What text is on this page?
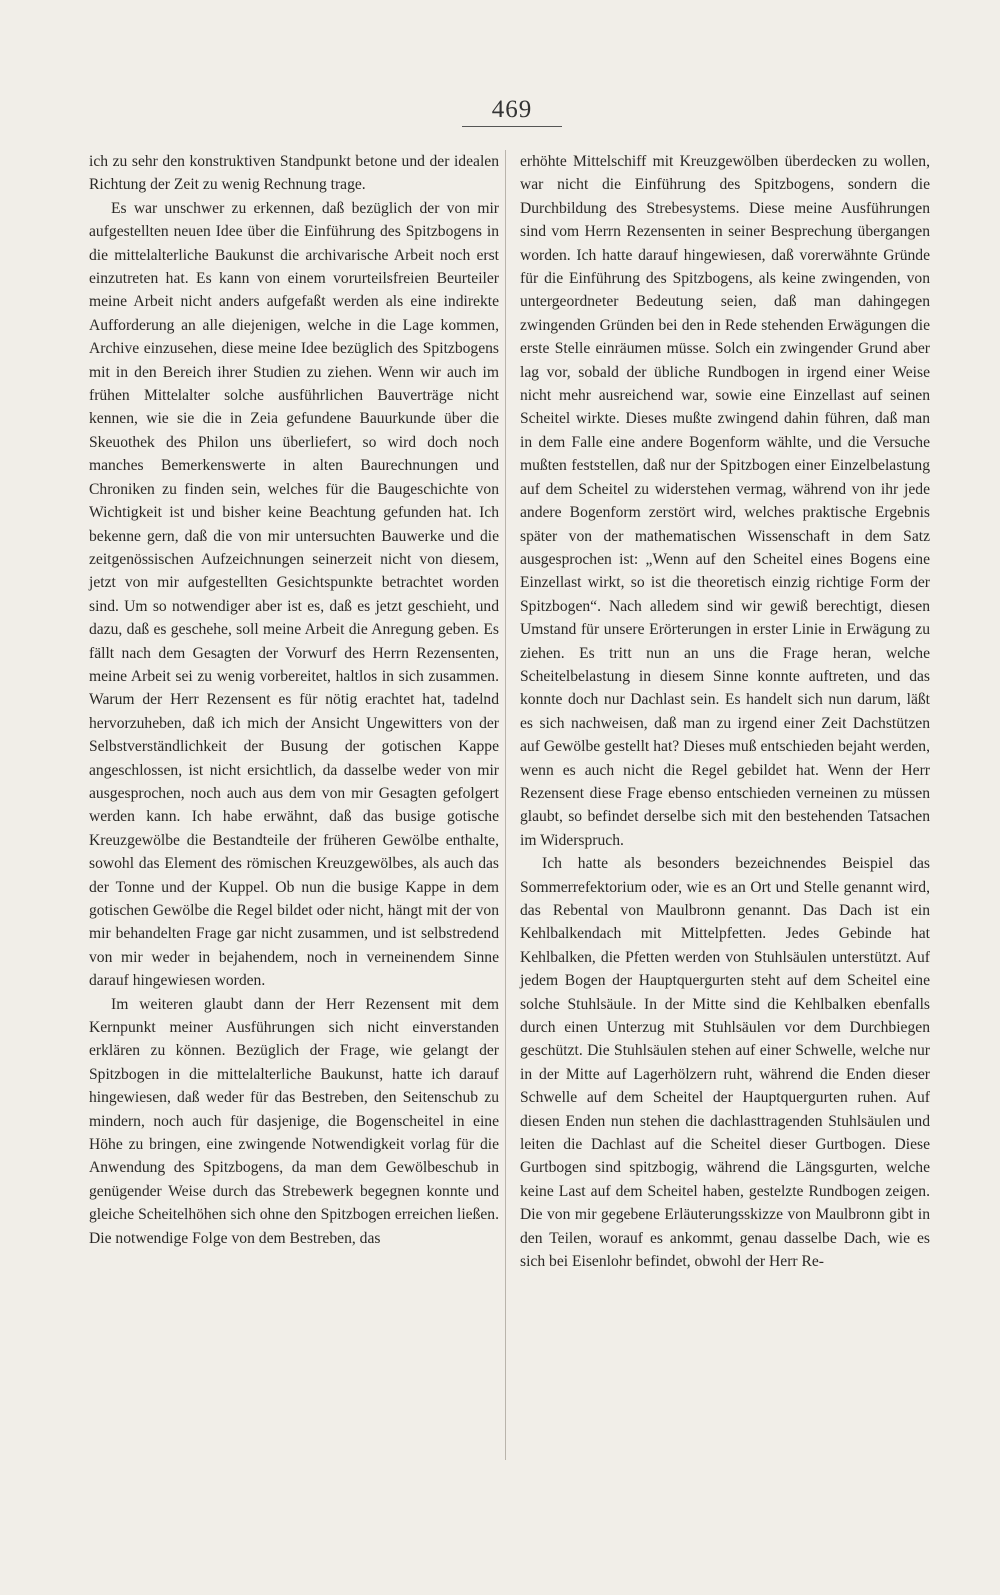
469

ich zu sehr den konstruktiven Standpunkt betone und der idealen Richtung der Zeit zu wenig Rechnung trage.

Es war unschwer zu erkennen, daß bezüglich der von mir aufgestellten neuen Idee über die Einführung des Spitzbogens in die mittelalterliche Baukunst die archivarische Arbeit noch erst einzutreten hat. Es kann von einem vorurteilsfreien Beurteiler meine Arbeit nicht anders aufgefaßt werden als eine indirekte Aufforderung an alle diejenigen, welche in die Lage kommen, Archive einzusehen, diese meine Idee bezüglich des Spitzbogens mit in den Bereich ihrer Studien zu ziehen. Wenn wir auch im frühen Mittelalter solche ausführlichen Bauverträge nicht kennen, wie sie die in Zeia gefundene Bauurkunde über die Skeuothek des Philon uns überliefert, so wird doch noch manches Bemerkenswerte in alten Baurechnungen und Chroniken zu finden sein, welches für die Baugeschichte von Wichtigkeit ist und bisher keine Beachtung gefunden hat. Ich bekenne gern, daß die von mir untersuchten Bauwerke und die zeitgenössischen Aufzeichnungen seinerzeit nicht von diesem, jetzt von mir aufgestellten Gesichtspunkte betrachtet worden sind. Um so notwendiger aber ist es, daß es jetzt geschieht, und dazu, daß es geschehe, soll meine Arbeit die Anregung geben. Es fällt nach dem Gesagten der Vorwurf des Herrn Rezensenten, meine Arbeit sei zu wenig vorbereitet, haltlos in sich zusammen. Warum der Herr Rezensent es für nötig erachtet hat, tadelnd hervorzuheben, daß ich mich der Ansicht Ungewitters von der Selbstverständlichkeit der Busung der gotischen Kappe angeschlossen, ist nicht ersichtlich, da dasselbe weder von mir ausgesprochen, noch auch aus dem von mir Gesagten gefolgert werden kann. Ich habe erwähnt, daß das busige gotische Kreuzgewölbe die Bestandteile der früheren Gewölbe enthalte, sowohl das Element des römischen Kreuzgewölbes, als auch das der Tonne und der Kuppel. Ob nun die busige Kappe in dem gotischen Gewölbe die Regel bildet oder nicht, hängt mit der von mir behandelten Frage gar nicht zusammen, und ist selbstredend von mir weder in bejahendem, noch in verneinendem Sinne darauf hingewiesen worden.

Im weiteren glaubt dann der Herr Rezensent mit dem Kernpunkt meiner Ausführungen sich nicht einverstanden erklären zu können. Bezüglich der Frage, wie gelangt der Spitzbogen in die mittelalterliche Baukunst, hatte ich darauf hingewiesen, daß weder für das Bestreben, den Seitenschub zu mindern, noch auch für dasjenige, die Bogenscheitel in eine Höhe zu bringen, eine zwingende Notwendigkeit vorlag für die Anwendung des Spitzbogens, da man dem Gewölbeschub in genügender Weise durch das Strebewerk begegnen konnte und gleiche Scheitelhöhen sich ohne den Spitzbogen erreichen ließen. Die notwendige Folge von dem Bestreben, das

erhöhte Mittelschiff mit Kreuzgewölben überdecken zu wollen, war nicht die Einführung des Spitzbogens, sondern die Durchbildung des Strebesystems. Diese meine Ausführungen sind vom Herrn Rezensenten in seiner Besprechung übergangen worden. Ich hatte darauf hingewiesen, daß vorerwähnte Gründe für die Einführung des Spitzbogens, als keine zwingenden, von untergeordneter Bedeutung seien, daß man dahingegen zwingenden Gründen bei den in Rede stehenden Erwägungen die erste Stelle einräumen müsse. Solch ein zwingender Grund aber lag vor, sobald der übliche Rundbogen in irgend einer Weise nicht mehr ausreichend war, sowie eine Einzellast auf seinen Scheitel wirkte. Dieses mußte zwingend dahin führen, daß man in dem Falle eine andere Bogenform wählte, und die Versuche mußten feststellen, daß nur der Spitzbogen einer Einzelbelastung auf dem Scheitel zu widerstehen vermag, während von ihr jede andere Bogenform zerstört wird, welches praktische Ergebnis später von der mathematischen Wissenschaft in dem Satz ausgesprochen ist: „Wenn auf den Scheitel eines Bogens eine Einzellast wirkt, so ist die theoretisch einzig richtige Form der Spitzbogen“. Nach alledem sind wir gewiß berechtigt, diesen Umstand für unsere Erörterungen in erster Linie in Erwägung zu ziehen. Es tritt nun an uns die Frage heran, welche Scheitelbelastung in diesem Sinne konnte auftreten, und das konnte doch nur Dachlast sein. Es handelt sich nun darum, läßt es sich nachweisen, daß man zu irgend einer Zeit Dachstützen auf Gewölbe gestellt hat? Dieses muß entschieden bejaht werden, wenn es auch nicht die Regel gebildet hat. Wenn der Herr Rezensent diese Frage ebenso entschieden verneinen zu müssen glaubt, so befindet derselbe sich mit den bestehenden Tatsachen im Widerspruch.

Ich hatte als besonders bezeichnendes Beispiel das Sommerrefektorium oder, wie es an Ort und Stelle genannt wird, das Rebental von Maulbronn genannt. Das Dach ist ein Kehlbalkendach mit Mittelpfetten. Jedes Gebinde hat Kehlbalken, die Pfetten werden von Stuhlsäulen unterstützt. Auf jedem Bogen der Hauptquergurten steht auf dem Scheitel eine solche Stuhlsäule. In der Mitte sind die Kehlbalken ebenfalls durch einen Unterzug mit Stuhlsäulen vor dem Durchbiegen geschützt. Die Stuhlsäulen stehen auf einer Schwelle, welche nur in der Mitte auf Lagerhölzern ruht, während die Enden dieser Schwelle auf dem Scheitel der Hauptquergurten ruhen. Auf diesen Enden nun stehen die dachlasttragenden Stuhlsäulen und leiten die Dachlast auf die Scheitel dieser Gurtbogen. Diese Gurtbogen sind spitzbogig, während die Längsgurten, welche keine Last auf dem Scheitel haben, gestelzte Rundbogen zeigen. Die von mir gegebene Erläuterungsskizze von Maulbronn gibt in den Teilen, worauf es ankommt, genau dasselbe Dach, wie es sich bei Eisenlohr befindet, obwohl der Herr Re-
